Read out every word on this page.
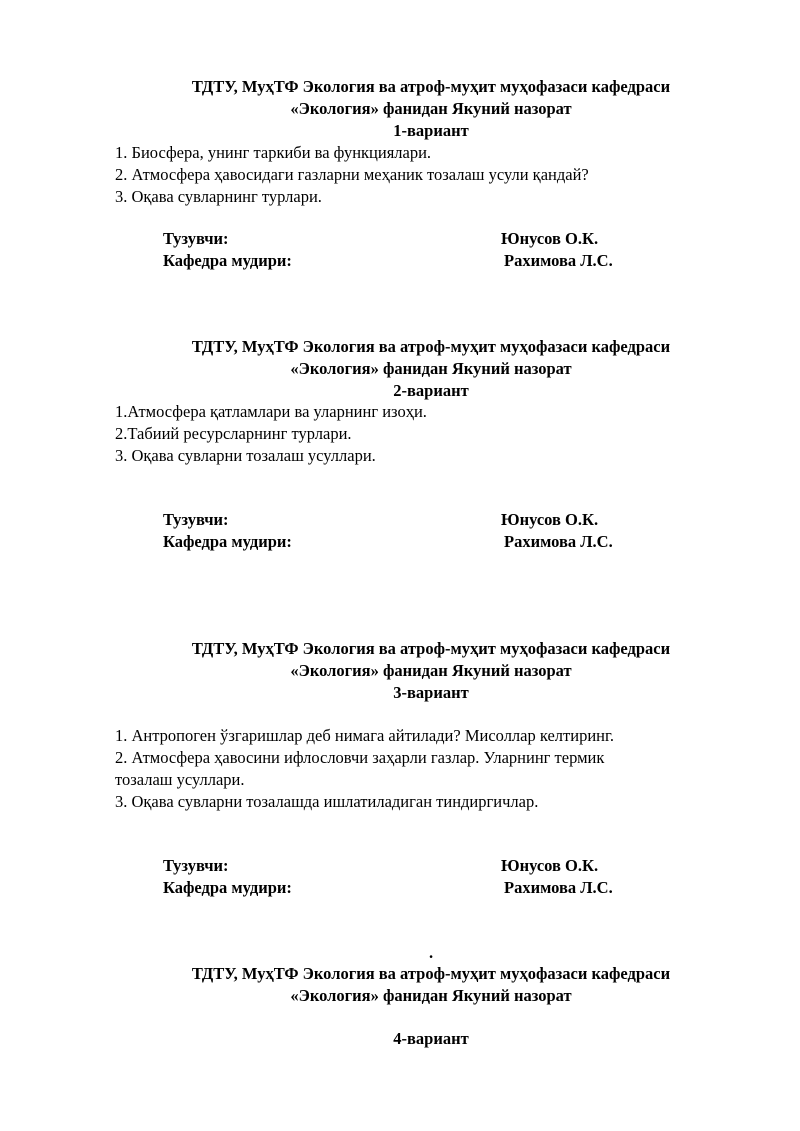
ТДТУ, МуҳТФ Экология ва атроф-муҳит муҳофазаси кафедраси
«Экология» фанидан Якуний назорат
1-вариант
1. Биосфера, унинг таркиби ва функциялари.
2. Атмосфера ҳавосидаги газларни меҳаник тозалаш усули қандай?
3. Оқава сувларнинг турлари.
Тузувчи:	Юнусов О.К.
Кафедра мудири:	Рахимова Л.С.
ТДТУ, МуҳТФ Экология ва атроф-муҳит муҳофазаси кафедраси
«Экология» фанидан Якуний назорат
2-вариант
1.Атмосфера қатламлари ва уларнинг изоҳи.
2.Табиий ресурсларнинг турлари.
3. Оқава сувларни тозалаш усуллари.
Тузувчи:	Юнусов О.К.
Кафедра мудири:	Рахимова Л.С.
ТДТУ, МуҳТФ Экология ва атроф-муҳит муҳофазаси кафедраси
«Экология» фанидан Якуний назорат
3-вариант
1. Антропоген ўзгаришлар деб нимага айтилади? Мисоллар келтиринг.
2. Атмосфера ҳавосини ифлословчи заҳарли газлар. Уларнинг термик
тозалаш усуллари.
3. Оқава сувларни тозалашда ишлатиладиган тиндиргичлар.
Тузувчи:	Юнусов О.К.
Кафедра мудири:	Рахимова Л.С.
.
ТДТУ, МуҳТФ Экология ва атроф-муҳит муҳофазаси кафедраси
«Экология» фанидан Якуний назорат
4-вариант
